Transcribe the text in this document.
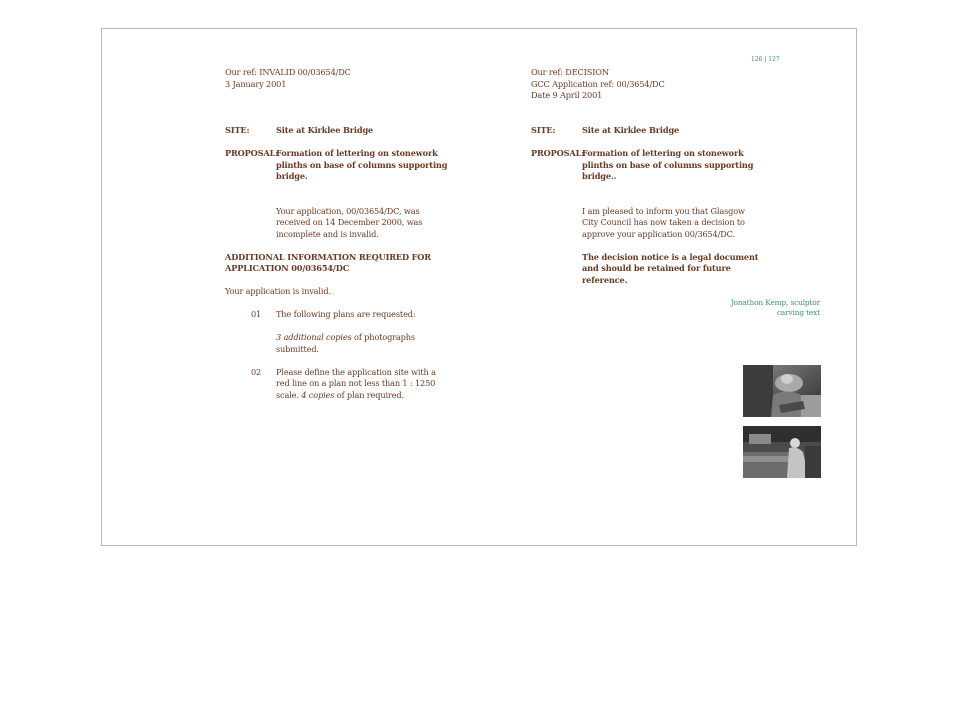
126 | 127
Our ref: INVALID 00/03654/DC
3 January 2001
SITE:	Site at Kirklee Bridge
PROPOSAL:
Formation of lettering on stonework
plinths on base of columns supporting
bridge.
Your application, 00/03654/DC, was
received on 14 December 2000, was
incomplete and is invalid.
ADDITIONAL INFORMATION REQUIRED FOR
APPLICATION 00/03654/DC
Your application is invalid.
01 The following plans are requested:
3 additional copies of photographs
submitted.
02 Please define the application site with a
red line on a plan not less than 1 : 1250
scale. 4 copies of plan required.
Our ref: DECISION
GCC Application ref: 00/3654/DC
Date 9 April 2001
SITE:	Site at Kirklee Bridge
PROPOSAL:
Formation of lettering on stonework
plinths on base of columns supporting
bridge..
I am pleased to inform you that Glasgow
City Council has now taken a decision to
approve your application 00/3654/DC.
The decision notice is a legal document
and should be retained for future
reference.
Jonathon Kemp, sculptor
carving text
